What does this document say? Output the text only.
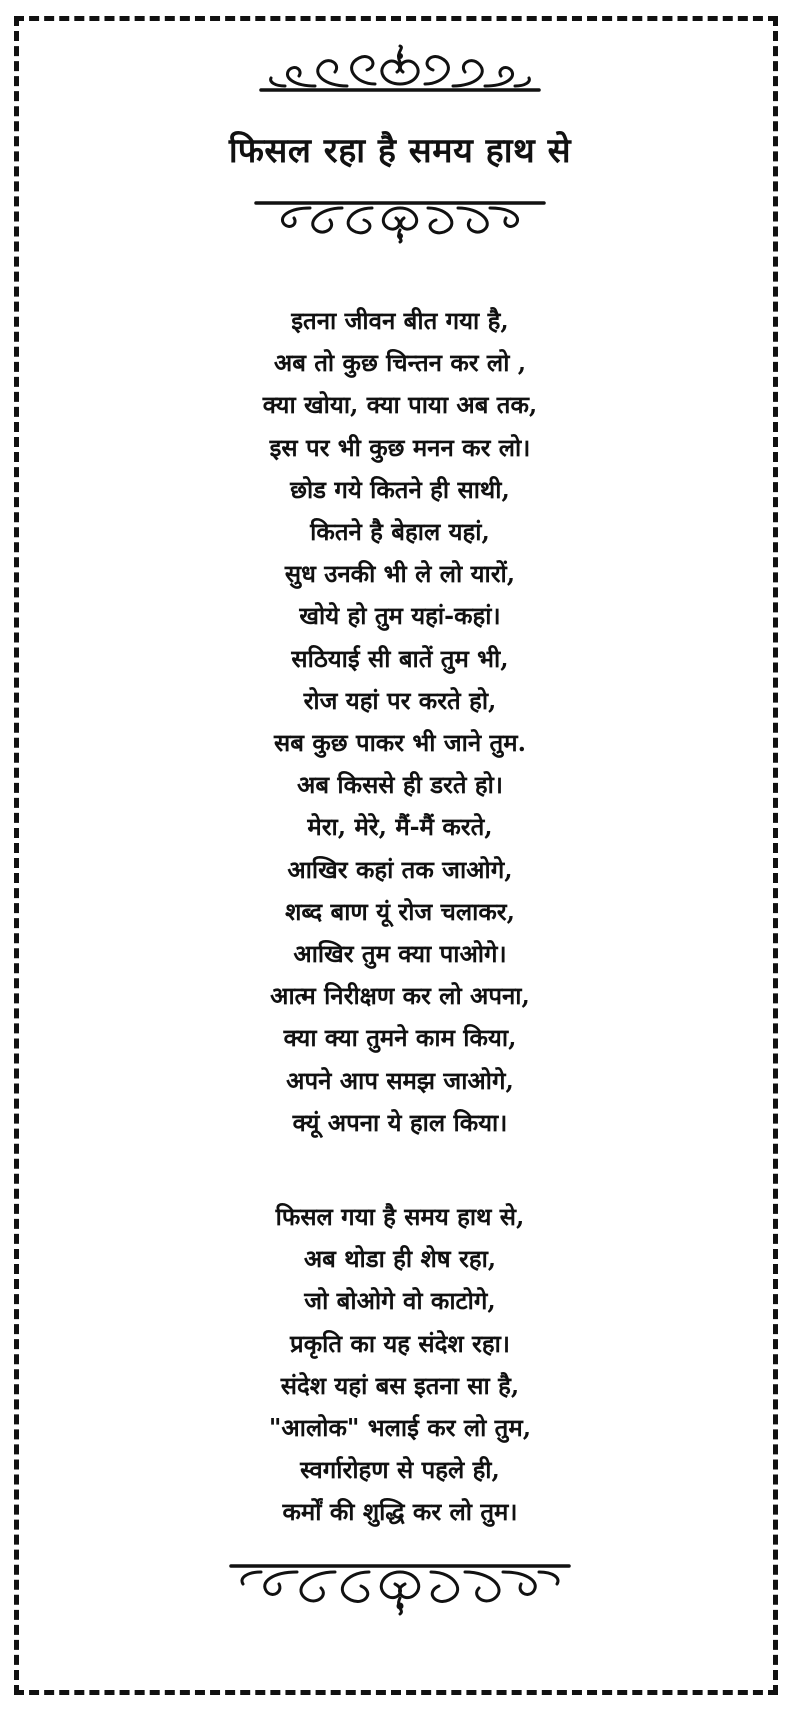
फिसल रहा है समय हाथ से
इतना जीवन बीत गया है,
अब तो कुछ चिन्तन कर लो ,
क्या खोया, क्या पाया अब तक,
इस पर भी कुछ मनन कर लो।
छोड गये कितने ही साथी,
कितने है बेहाल यहां,
सुध उनकी भी ले लो यारों,
खोये हो तुम यहां-कहां।
सठियाई सी बातें तुम भी,
रोज यहां पर करते हो,
सब कुछ पाकर भी जाने तुम.
अब किससे ही डरते हो।
मेरा, मेरे, मैं-मैं करते,
आखिर कहां तक जाओगे,
शब्द बाण यूं रोज चलाकर,
आखिर तुम क्या पाओगे।
आत्म निरीक्षण कर लो अपना,
क्या क्या तुमने काम किया,
अपने आप समझ जाओगे,
क्यूं अपना ये हाल किया।
फिसल गया है समय हाथ से,
अब थोडा ही शेष रहा,
जो बोओगे वो काटोगे,
प्रकृति का यह संदेश रहा।
संदेश यहां बस इतना सा है,
"आलोक" भलाई कर लो तुम,
स्वर्गारोहण से पहले ही,
कर्मों की शुद्धि कर लो तुम।
